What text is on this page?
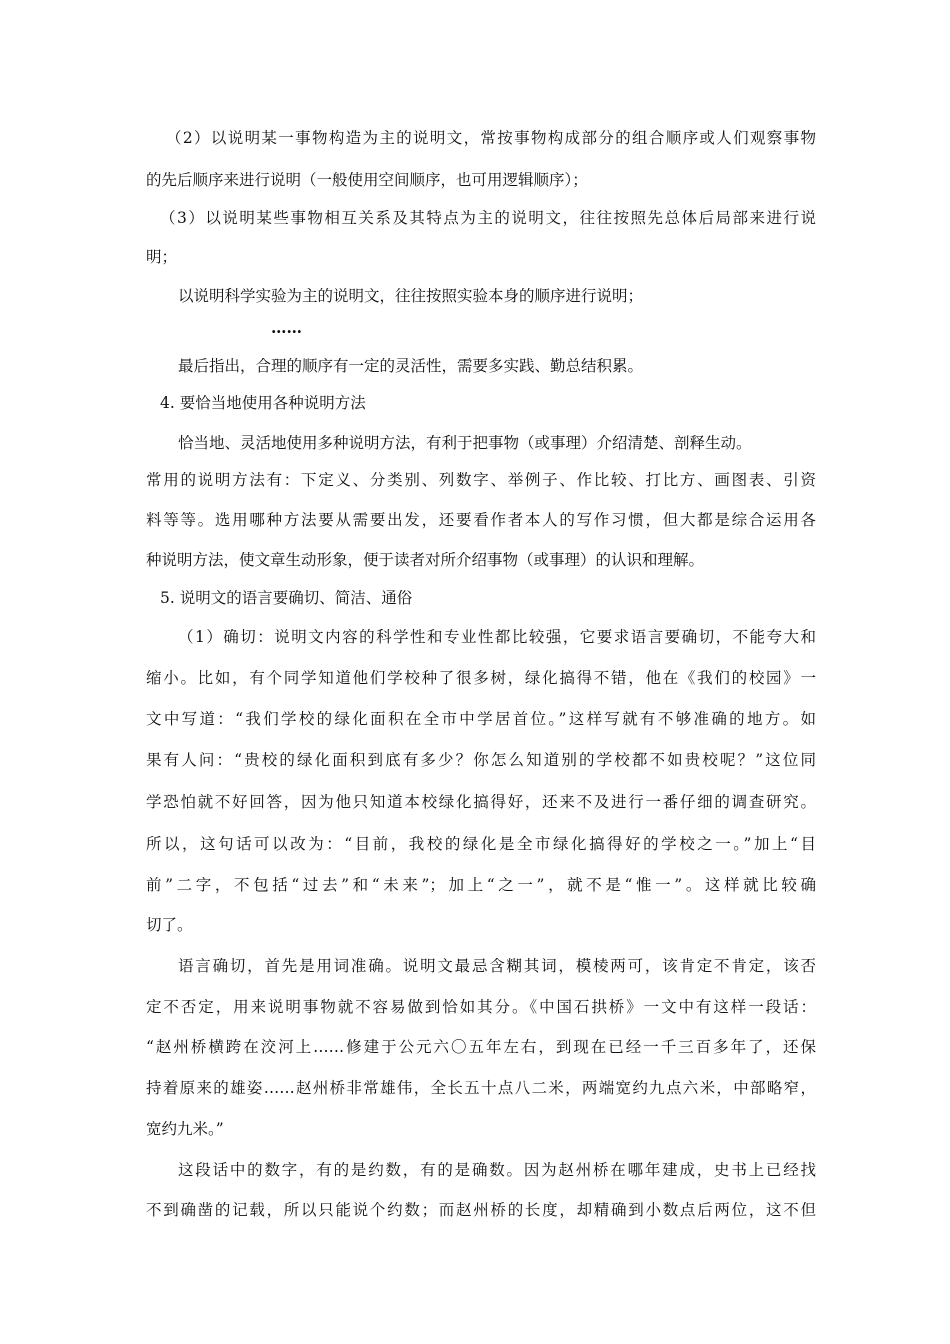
（2）以说明某一事物构造为主的说明文，常按事物构成部分的组合顺序或人们观察事物
的先后顺序来进行说明（一般使用空间顺序，也可用逻辑顺序）；
（3）以说明某些事物相互关系及其特点为主的说明文，往往按照先总体后局部来进行说
明；
以说明科学实验为主的说明文，往往按照实验本身的顺序进行说明；
……
最后指出，合理的顺序有一定的灵活性，需要多实践、勤总结积累。
4. 要恰当地使用各种说明方法
恰当地、灵活地使用多种说明方法，有利于把事物（或事理）介绍清楚、剖释生动。
常用的说明方法有：下定义、分类别、列数字、举例子、作比较、打比方、画图表、引资
料等等。选用哪种方法要从需要出发，还要看作者本人的写作习惯，但大都是综合运用各
种说明方法，使文章生动形象，便于读者对所介绍事物（或事理）的认识和理解。
5. 说明文的语言要确切、简洁、通俗
（1）确切：说明文内容的科学性和专业性都比较强，它要求语言要确切，不能夸大和
缩小。比如，有个同学知道他们学校种了很多树，绿化搞得不错，他在《我们的校园》一
文中写道：“我们学校的绿化面积在全市中学居首位。”这样写就有不够准确的地方。如
果有人问：“贵校的绿化面积到底有多少？你怎么知道别的学校都不如贵校呢？”这位同
学恐怕就不好回答，因为他只知道本校绿化搞得好，还来不及进行一番仔细的调查研究。
所以，这句话可以改为：“目前，我校的绿化是全市绿化搞得好的学校之一。”加上“目
前”二字，不包括“过去”和“未来”；加上“之一”，就不是“惟一”。这样就比较确
切了。
语言确切，首先是用词准确。说明文最忌含糊其词，模棱两可，该肯定不肯定，该否
定不否定，用来说明事物就不容易做到恰如其分。《中国石拱桥》一文中有这样一段话：
“赵州桥横跨在洨河上……修建于公元六〇五年左右，到现在已经一千三百多年了，还保
持着原来的雄姿……赵州桥非常雄伟，全长五十点八二米，两端宽约九点六米，中部略窄，
宽约九米。”
这段话中的数字，有的是约数，有的是确数。因为赵州桥在哪年建成，史书上已经找
不到确凿的记载，所以只能说个约数；而赵州桥的长度，却精确到小数点后两位，这不但
